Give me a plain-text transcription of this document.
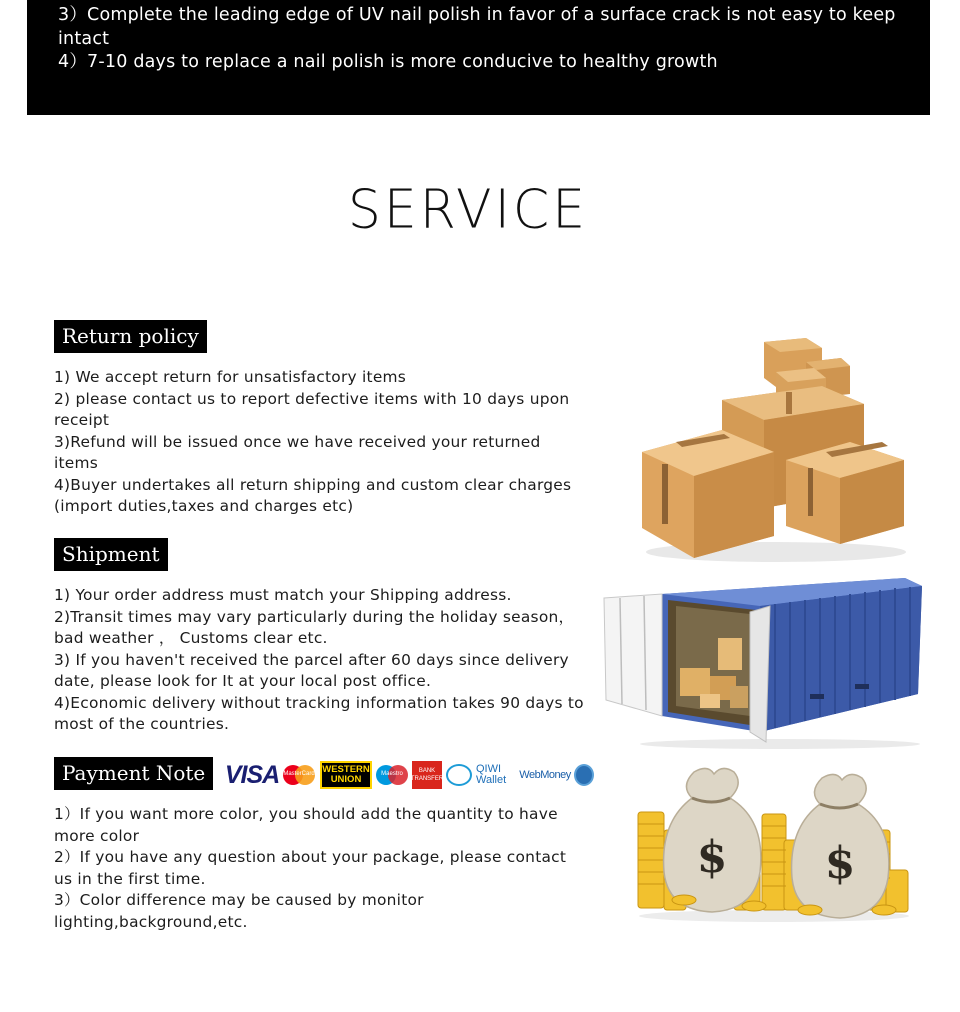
3）Complete the leading edge of UV nail polish in favor of a surface crack is not easy to keep intact

4）7-10 days to replace a nail polish is more conducive to healthy growth

SERVICE
Return policy

1) We accept return for unsatisfactory items

2) please contact us to report defective items with 10 days upon receipt

3)Refund will be issued once we have received your returned items

4)Buyer undertakes all return shipping and custom clear charges (import duties,taxes and charges etc)

Shipment

1) Your order address must match your Shipping address.

2)Transit times may vary particularly during the holiday season，bad weather ， Customs clear etc.

3) If you haven't received the parcel after 60 days since delivery date, please look for It at your local post office.

4)Economic delivery without tracking information takes 90 days to most of the countries.

Payment Note VISA MasterCard WESTERN
UNION	Maestro	BANK
TRANSFER
QIWI
Wallet WebMoney

1）If you want more color, you should add the quantity to have more color

2）If you have any question about your package, please contact us in the first time.

3）Color difference may be caused by monitor lighting,background,etc.

$ $
